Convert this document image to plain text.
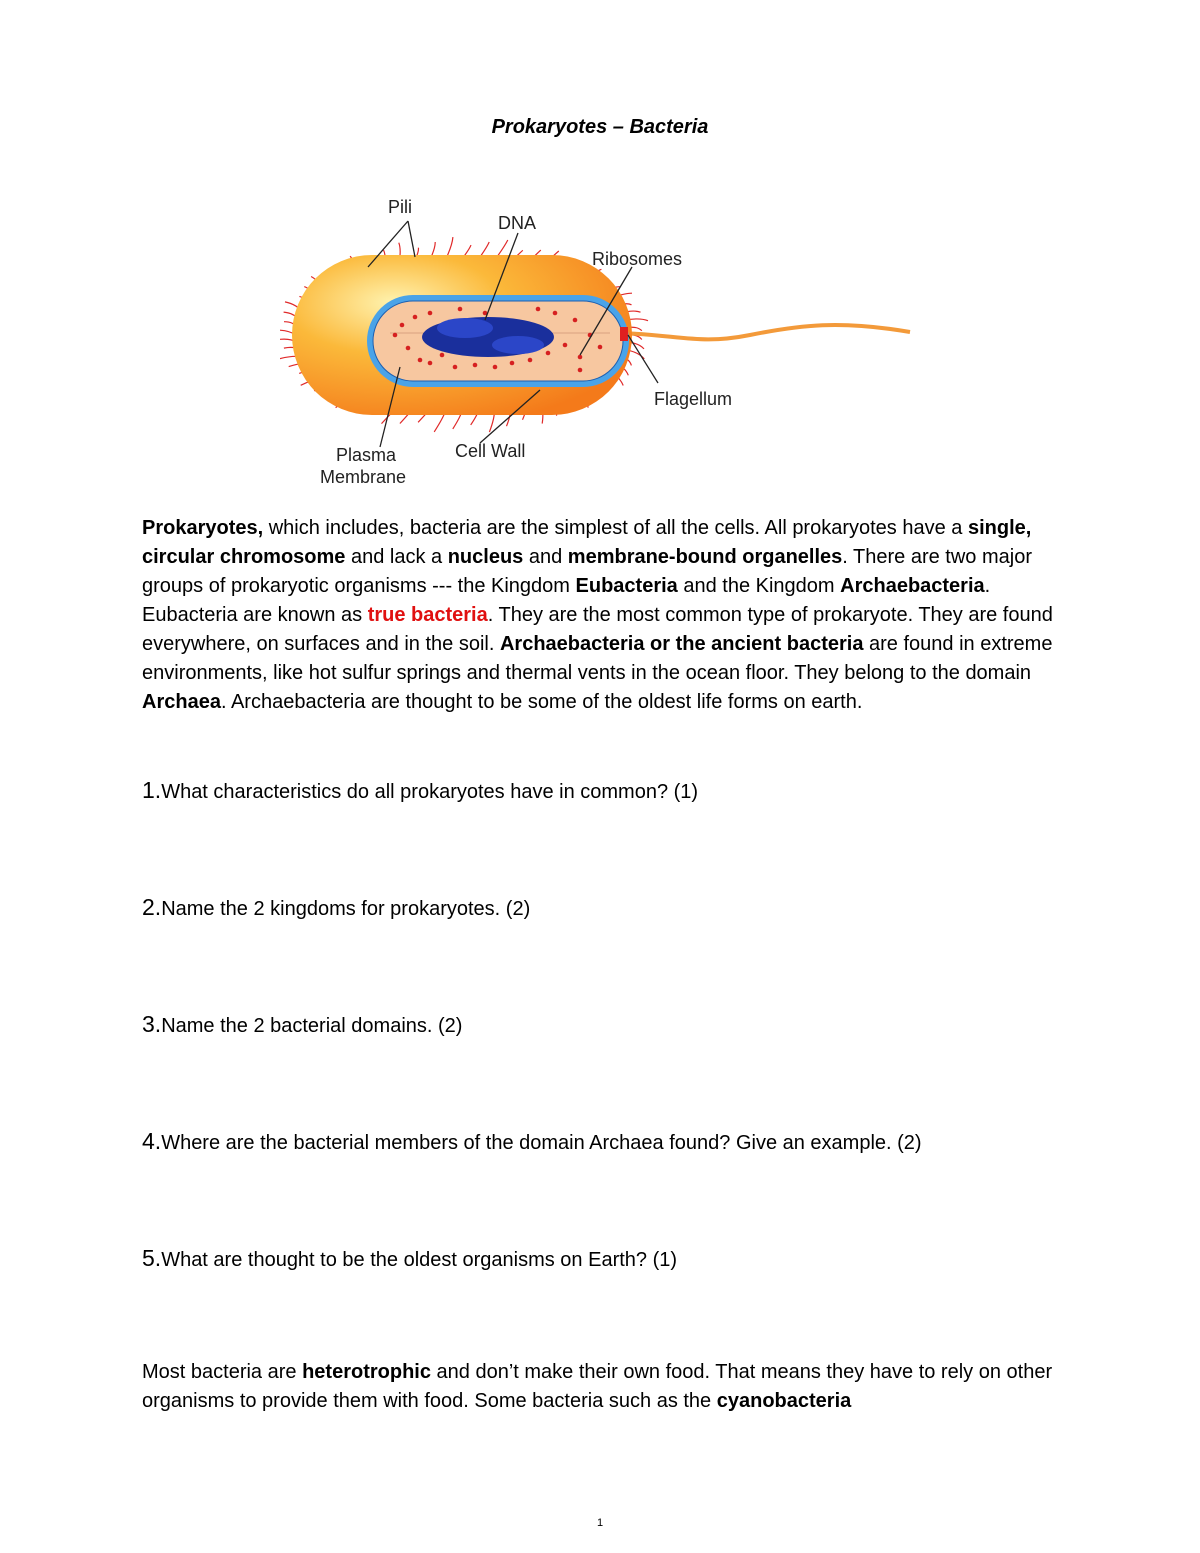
Prokaryotes – Bacteria
Pili
DNA
Ribosomes
Flagellum
Plasma
Membrane
Cell Wall

Prokaryotes, which includes, bacteria are the simplest of all the cells. All prokaryotes have a single, circular chromosome and lack a nucleus and membrane-bound organelles. There are two major groups of prokaryotic organisms --- the Kingdom Eubacteria and the Kingdom Archaebacteria. Eubacteria are known as true bacteria. They are the most common type of prokaryote. They are found everywhere, on surfaces and in the soil. Archaebacteria or the ancient bacteria are found in extreme environments, like hot sulfur springs and thermal vents in the ocean floor. They belong to the domain Archaea. Archaebacteria are thought to be some of the oldest life forms on earth.

1.What characteristics do all prokaryotes have in common? (1)

2.Name the 2 kingdoms for prokaryotes. (2)

3.Name the 2 bacterial domains. (2)

4.Where are the bacterial members of the domain Archaea found? Give an example. (2)

5.What are thought to be the oldest organisms on Earth? (1)

Most bacteria are heterotrophic and don’t make their own food. That means they have to rely on other organisms to provide them with food. Some bacteria such as the cyanobacteria

1
